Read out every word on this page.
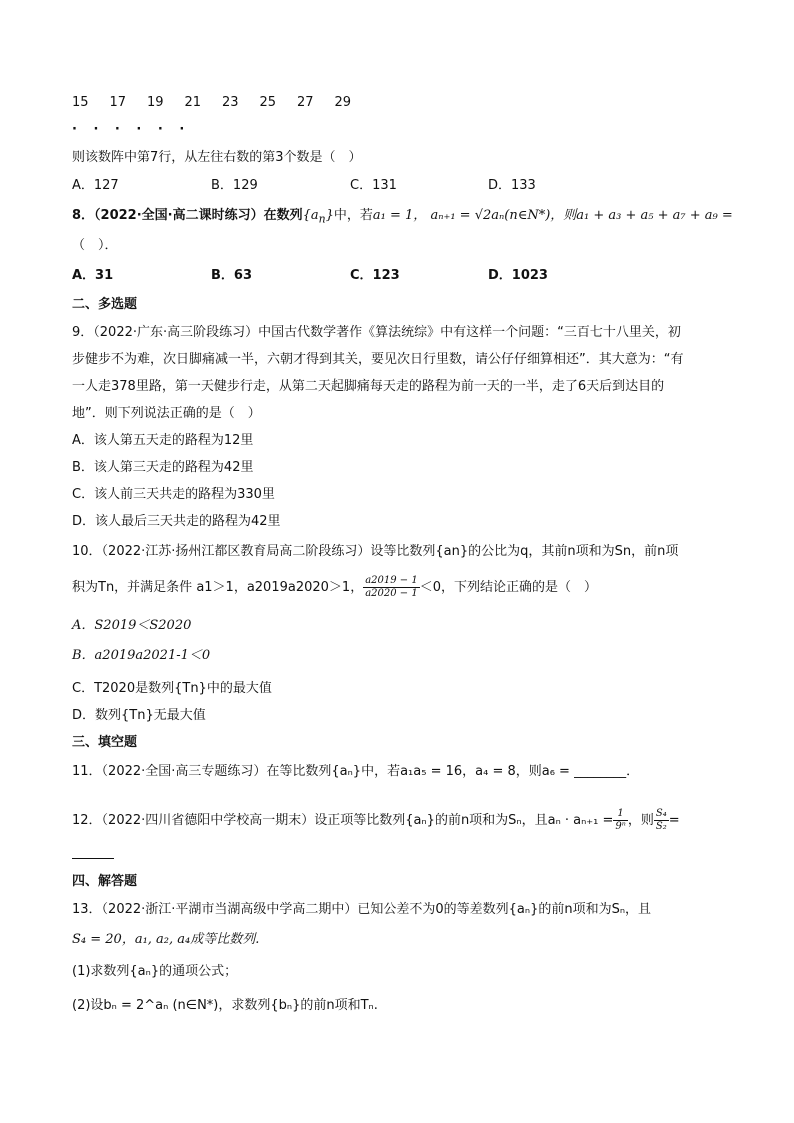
15 17 19 21 23 25 27 29
· · · · · ·
则该数阵中第7行，从左往右数的第3个数是（　）
A．127	B．129	C．131	D．133
8．（2022·全国·高二课时练习）在数列$\{a_n\}$中，若a₁ = 1， aₙ₊₁ = √2aₙ(n∈N*)，则a₁ + a₃ + a₅ + a₇ + a₉ =
（　）．
A．31	B．63	C．123	D．1023
二、多选题
9．（2022·广东·高三阶段练习）中国古代数学著作《算法统综》中有这样一个问题：“三百七十八里关，初
步健步不为难，次日脚痛减一半，六朝才得到其关，要见次日行里数，请公仔仔细算相还”．其大意为：“有
一人走378里路，第一天健步行走，从第二天起脚痛每天走的路程为前一天的一半，走了6天后到达目的
地”．则下列说法正确的是（　）
A．该人第五天走的路程为12里
B．该人第三天走的路程为42里
C．该人前三天共走的路程为330里
D．该人最后三天共走的路程为42里
10．（2022·江苏·扬州江都区教育局高二阶段练习）设等比数列{an}的公比为q，其前n项和为Sn，前n项
积为Tn，并满足条件 a1＞1，a2019a2020＞1， $\frac{a2019 - 1}{a2020 - 1} <0$，下列结论正确的是（　）
A．S2019＜S2020
B．a2019a2021-1＜0
C．T2020是数列{Tn}中的最大值
D．数列{Tn}无最大值
三、填空题
11．（2022·全国·高三专题练习）在等比数列{aₙ}中，若a₁a₅ = 16，a₄ = 8，则a₆ = ________．
12．（2022·四川省德阳中学校高一期末）设正项等比数列{aₙ}的前n项和为Sₙ，且$a_n \cdot a_{n+1} = \frac{1}{\text{9ⁿ}}$ ，则 $\frac{\text{S₄}}{\text{S₂}}$ =
四、解答题
13．（2022·浙江·平湖市当湖高级中学高二期中）已知公差不为0的等差数列{aₙ}的前n项和为Sₙ，且
S₄ = 20，a₁, a₂, a₄成等比数列.
(1)求数列{aₙ}的通项公式；
(2)设bₙ = 2^aₙ (n∈N*)，求数列{bₙ}的前n项和Tₙ.
